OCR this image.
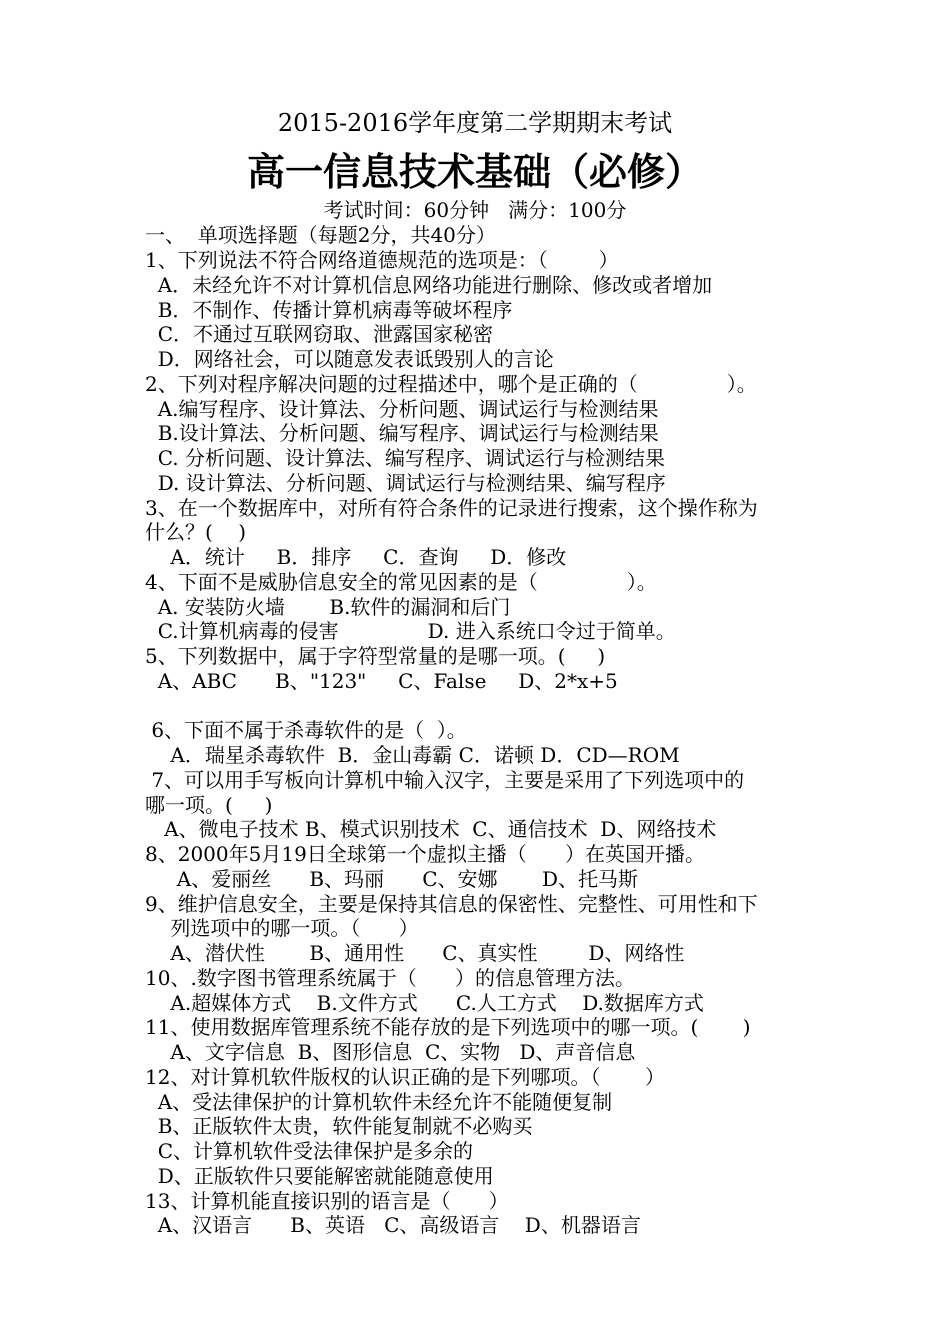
2015-2016学年度第二学期期末考试
高一信息技术基础（必修）
考试时间：60分钟   满分：100分
一、  单项选择题（每题2分，共40分）
1、下列说法不符合网络道德规范的选项是：（        ）
A．未经允许不对计算机信息网络功能进行删除、修改或者增加
B．不制作、传播计算机病毒等破坏程序
C．不通过互联网窃取、泄露国家秘密
D．网络社会，可以随意发表诋毁别人的言论
2、下列对程序解决问题的过程描述中，哪个是正确的（              ）。
A.编写程序、设计算法、分析问题、调试运行与检测结果
B.设计算法、分析问题、编写程序、调试运行与检测结果
C. 分析问题、设计算法、编写程序、调试运行与检测结果
D. 设计算法、分析问题、调试运行与检测结果、编写程序
3、在一个数据库中，对所有符合条件的记录进行搜索，这个操作称为
什么？(    )
A．统计     B．排序     C．查询     D．修改
4、下面不是威胁信息安全的常见因素的是（              ）。
A. 安装防火墙       B.软件的漏洞和后门
C.计算机病毒的侵害              D. 进入系统口令过于简单。
5、下列数据中，属于字符型常量的是哪一项。(     )
A、ABC      B、"123"     C、False     D、2*x+5
6、下面不属于杀毒软件的是（  ）。
A．瑞星杀毒软件  B．金山毒霸 C．诺顿 D．CD—ROM
7、可以用手写板向计算机中输入汉字，主要是采用了下列选项中的
哪一项。(     )
A、微电子技术 B、模式识别技术  C、通信技术  D、网络技术
8、2000年5月19日全球第一个虚拟主播（      ）在英国开播。
A、爱丽丝      B、玛丽      C、安娜       D、托马斯
9、维护信息安全，主要是保持其信息的保密性、完整性、可用性和下
列选项中的哪一项。（      ）
A、潜伏性       B、通用性      C、真实性        D、网络性
10、.数字图书管理系统属于（      ）的信息管理方法。
A.超媒体方式    B.文件方式      C.人工方式    D.数据库方式
11、使用数据库管理系统不能存放的是下列选项中的哪一项。(       )
A、文字信息  B、图形信息  C、实物   D、声音信息
12、对计算机软件版权的认识正确的是下列哪项。（       ）
A、受法律保护的计算机软件未经允许不能随便复制
B、正版软件太贵，软件能复制就不必购买
C、计算机软件受法律保护是多余的
D、正版软件只要能解密就能随意使用
13、计算机能直接识别的语言是（      ）
A、汉语言      B、英语   C、高级语言    D、机器语言
